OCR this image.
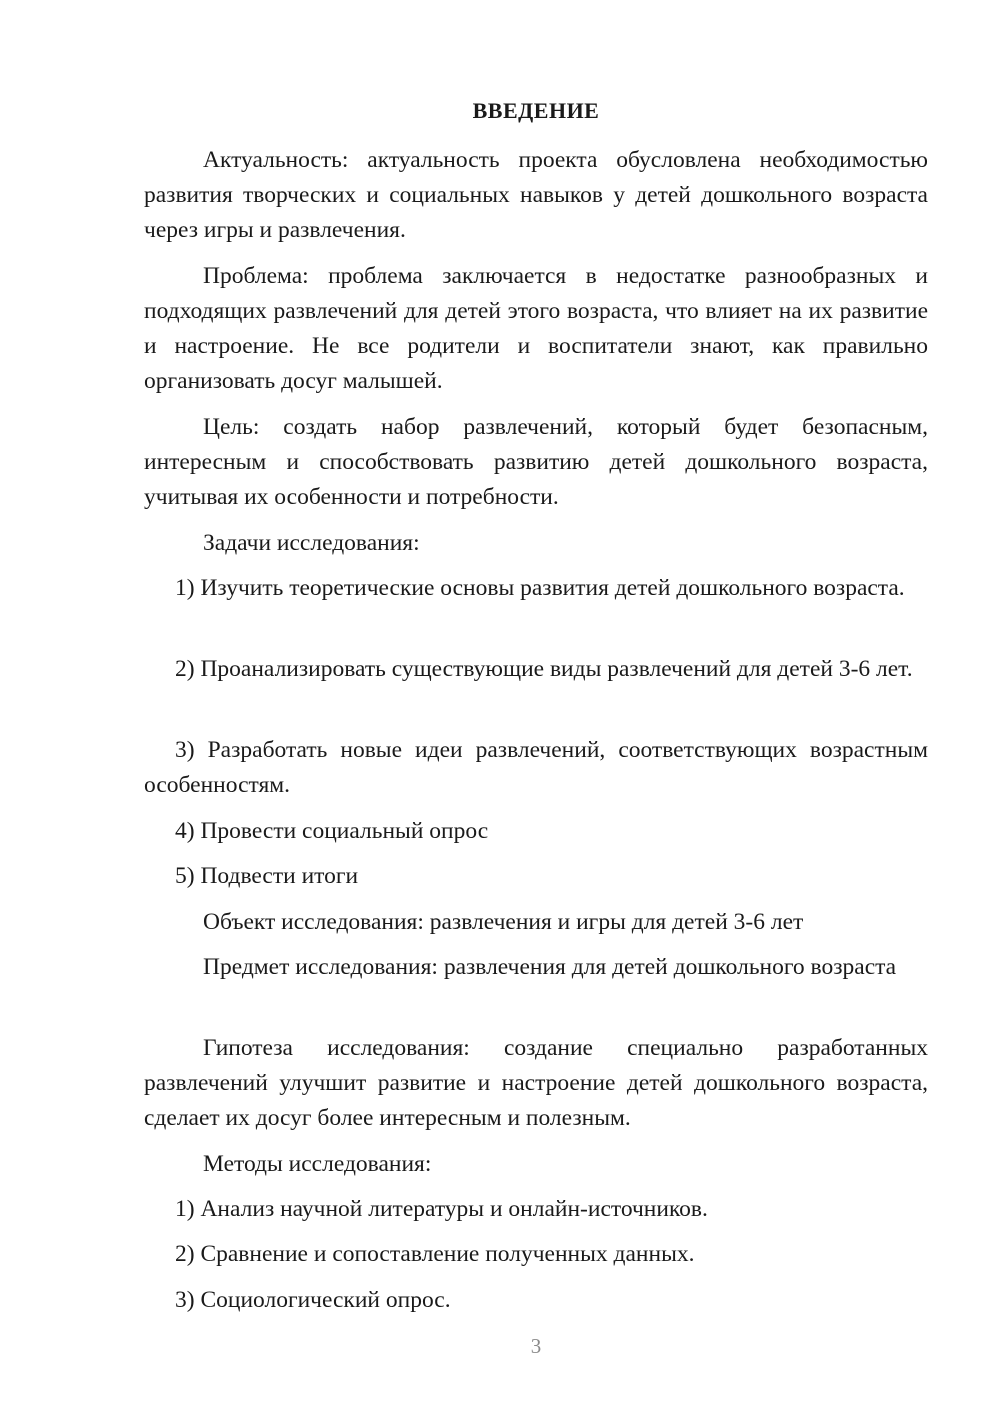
ВВЕДЕНИЕ

Актуальность: актуальность проекта обусловлена необходимостью развития творческих и социальных навыков у детей дошкольного возраста через игры и развлечения.

Проблема: проблема заключается в недостатке разнообразных и подходящих развлечений для детей этого возраста, что влияет на их развитие и настроение. Не все родители и воспитатели знают, как правильно организовать досуг малышей.

Цель: создать набор развлечений, который будет безопасным, интересным и способствовать развитию детей дошкольного возраста, учитывая их особенности и потребности.

Задачи исследования:

1) Изучить теоретические основы развития детей дошкольного возраста.

2) Проанализировать существующие виды развлечений для детей 3-6 лет.

3) Разработать новые идеи развлечений, соответствующих возрастным особенностям.

4) Провести социальный опрос

5) Подвести итоги

Объект исследования: развлечения и игры для детей 3-6 лет

Предмет исследования: развлечения для детей дошкольного возраста

Гипотеза исследования: создание специально разработанных развлечений улучшит развитие и настроение детей дошкольного возраста, сделает их досуг более интересным и полезным.

Методы исследования:

1) Анализ научной литературы и онлайн-источников.

2) Сравнение и сопоставление полученных данных.

3) Социологический опрос.

3
